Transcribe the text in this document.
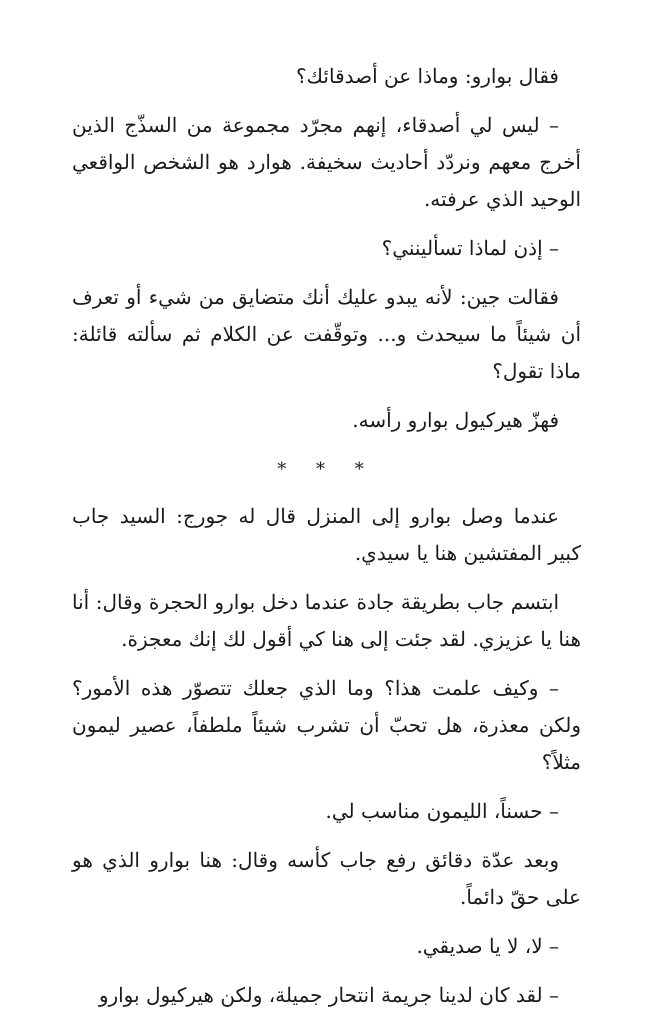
فقال بوارو: وماذا عن أصدقائك؟

– ليس لي أصدقاء، إنهم مجرّد مجموعة من السذّج الذين أخرج معهم ونردّد أحاديث سخيفة. هوارد هو الشخص الواقعي الوحيد الذي عرفته.

– إذن لماذا تسألينني؟

فقالت جين: لأنه يبدو عليك أنك متضايق من شيء أو تعرف أن شيئاً ما سيحدث و... وتوقّفت عن الكلام ثم سألته قائلة: ماذا تقول؟

فهزّ هيركيول بوارو رأسه.

* * *

عندما وصل بوارو إلى المنزل قال له جورج: السيد جاب كبير المفتشين هنا يا سيدي.

ابتسم جاب بطريقة جادة عندما دخل بوارو الحجرة وقال: أنا هنا يا عزيزي. لقد جئت إلى هنا كي أقول لك إنك معجزة.

– وكيف علمت هذا؟ وما الذي جعلك تتصوّر هذه الأمور؟ ولكن معذرة، هل تحبّ أن تشرب شيئاً ملطفاً، عصير ليمون مثلاً؟

– حسناً، الليمون مناسب لي.

وبعد عدّة دقائق رفع جاب كأسه وقال: هنا بوارو الذي هو على حقّ دائماً.

– لا، لا يا صديقي.

– لقد كان لدينا جريمة انتحار جميلة، ولكن هيركيول بوارو
